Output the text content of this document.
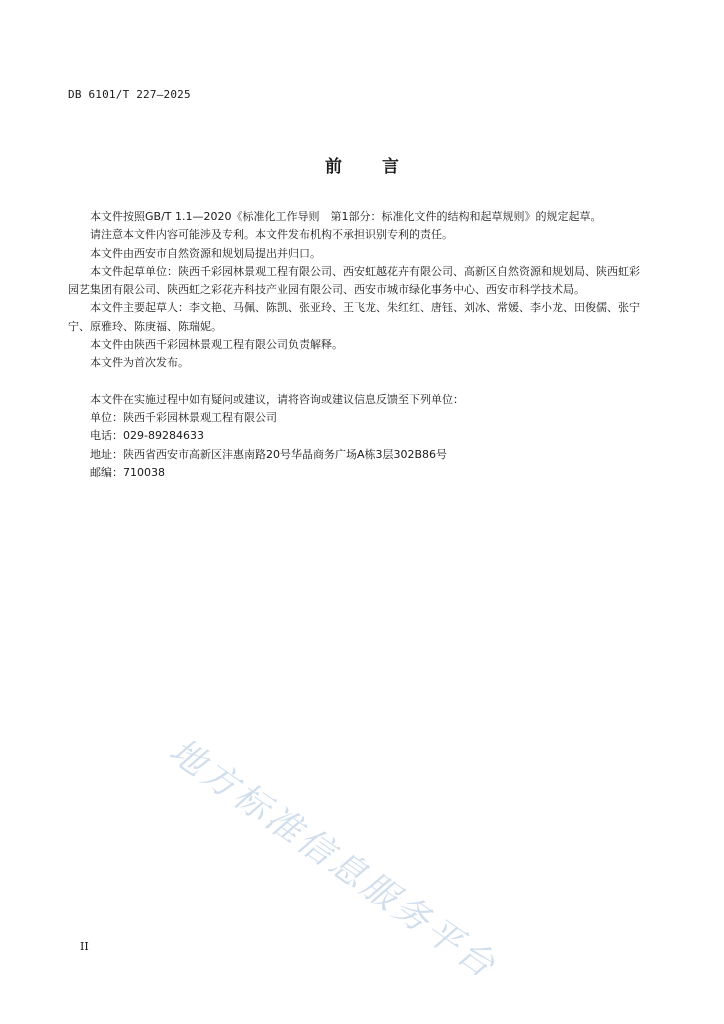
DB 6101/T 227—2025
前 言

本文件按照GB/T 1.1—2020《标准化工作导则　第1部分：标准化文件的结构和起草规则》的规定起草。

请注意本文件内容可能涉及专利。本文件发布机构不承担识别专利的责任。

本文件由西安市自然资源和规划局提出并归口。

本文件起草单位：陕西千彩园林景观工程有限公司、西安虹越花卉有限公司、高新区自然资源和规划局、陕西虹彩园艺集团有限公司、陕西虹之彩花卉科技产业园有限公司、西安市城市绿化事务中心、西安市科学技术局。

本文件主要起草人：李文艳、马佩、陈凯、张亚玲、王飞龙、朱红红、唐钰、刘冰、常媛、李小龙、田俊儒、张宁宁、原雅玲、陈庚福、陈瑞妮。

本文件由陕西千彩园林景观工程有限公司负责解释。

本文件为首次发布。

本文件在实施过程中如有疑问或建议，请将咨询或建议信息反馈至下列单位：

单位：陕西千彩园林景观工程有限公司

电话：029-89284633

地址：陕西省西安市高新区沣惠南路20号华晶商务广场A栋3层302B86号

邮编：710038

地方标准信息服务平台
II
